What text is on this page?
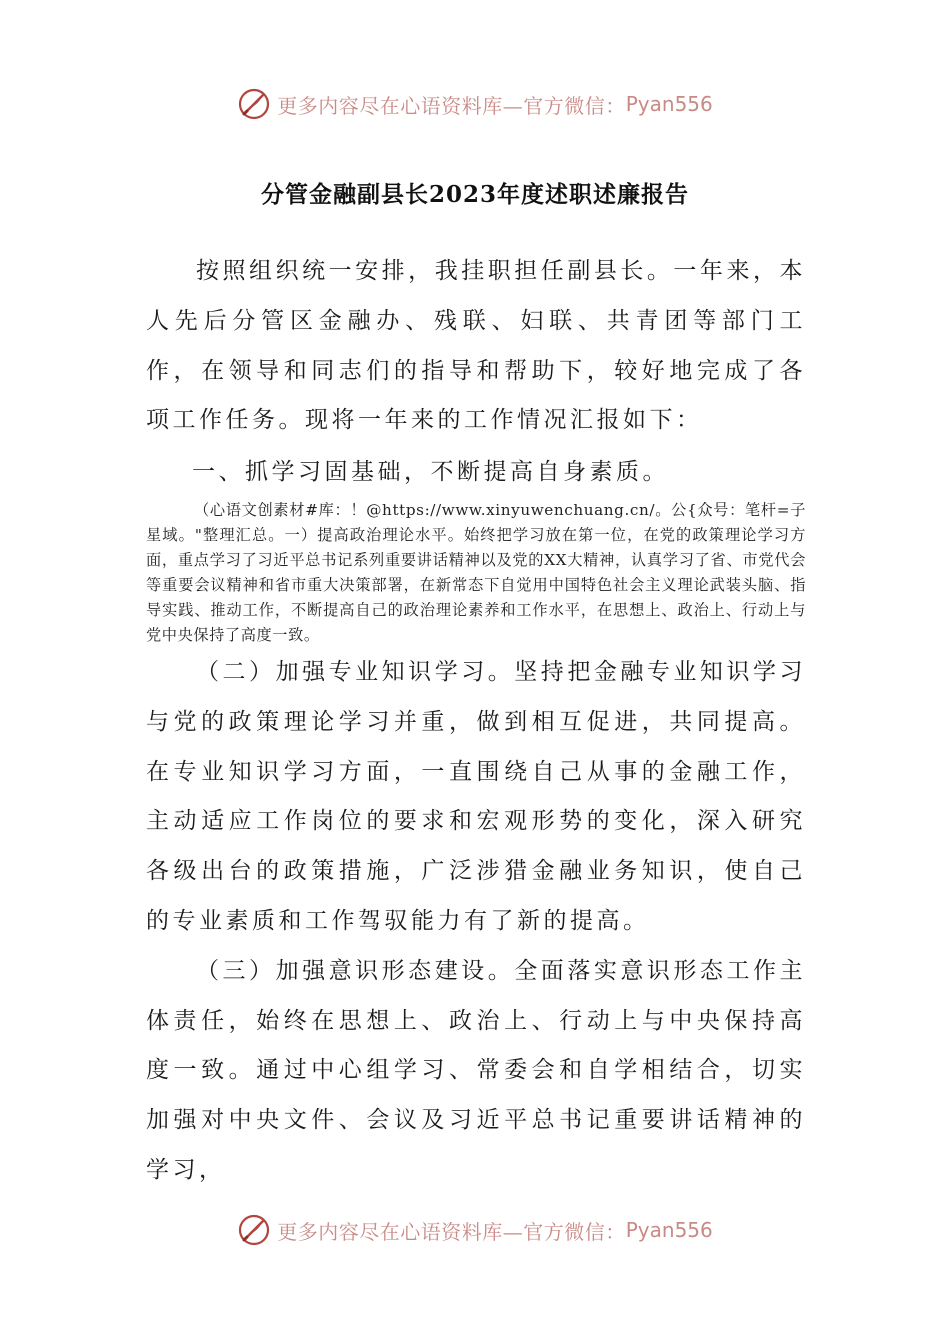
更多内容尽在心语资料库—官方微信： Pyan556
分管金融副县长2023年度述职述廉报告

按照组织统一安排，我挂职担任副县长。一年来，本人先后分管区金融办、残联、妇联、共青团等部门工作，在领导和同志们的指导和帮助下，较好地完成了各项工作任务。现将一年来的工作情况汇报如下：

一、抓学习固基础，不断提高自身素质。

（心语文创素材#库：！@https://www.xinyuwenchuang.cn/。公{众号：笔杆=子星域。"整理汇总。一）提高政治理论水平。始终把学习放在第一位，在党的政策理论学习方面，重点学习了习近平总书记系列重要讲话精神以及党的XX大精神，认真学习了省、市党代会等重要会议精神和省市重大决策部署，在新常态下自觉用中国特色社会主义理论武装头脑、指导实践、推动工作，不断提高自己的政治理论素养和工作水平，在思想上、政治上、行动上与党中央保持了高度一致。

（二）加强专业知识学习。坚持把金融专业知识学习与党的政策理论学习并重，做到相互促进，共同提高。在专业知识学习方面，一直围绕自己从事的金融工作，主动适应工作岗位的要求和宏观形势的变化，深入研究各级出台的政策措施，广泛涉猎金融业务知识，使自己的专业素质和工作驾驭能力有了新的提高。

（三）加强意识形态建设。全面落实意识形态工作主体责任，始终在思想上、政治上、行动上与中央保持高度一致。通过中心组学习、常委会和自学相结合，切实加强对中央文件、会议及习近平总书记重要讲话精神的学习，

更多内容尽在心语资料库—官方微信： Pyan556
